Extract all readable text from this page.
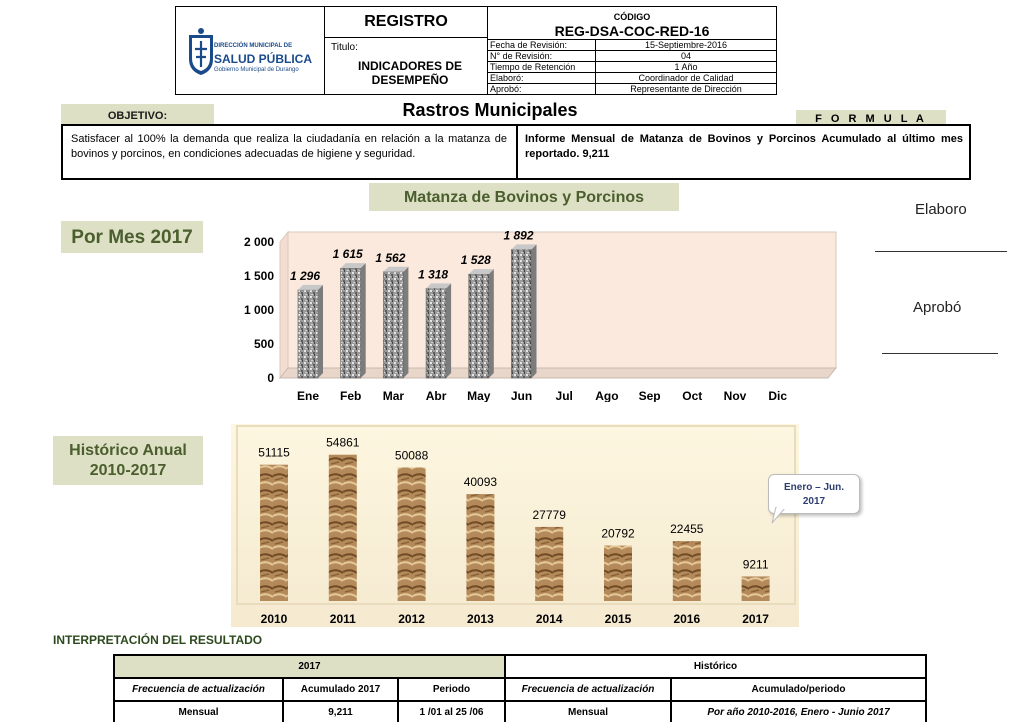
DIRECCIÓN MUNICIPAL DE
SALUD PÚBLICA
Gobierno Municipal de Durango
REGISTRO
Titulo:
INDICADORES DE DESEMPEÑO
CÓDIGO
REG-DSA-COC-RED-16
Fecha de Revisión:	15-Septiembre-2016
N° de Revisión:	04
Tiempo de Retención	1 Año
Elaboró:	Coordinador de Calidad
Aprobó:	Representante de Dirección
OBJETIVO:	Rastros Municipales	F O R M U L A
Satisfacer al 100% la demanda que realiza la ciudadanía en relación a la matanza de bovinos y porcinos, en condiciones adecuadas de higiene y seguridad.
Informe Mensual de Matanza de Bovinos y Porcinos Acumulado al último mes reportado. 9,211
Matanza de Bovinos y Porcinos
Por Mes 2017
0
500
1 000
1 500
2 000
1 296
1 615 1 562
1 318
1 528
1 892
Ene Feb Mar Abr May Jun Jul Ago Sep Oct Nov Dic
Elaboro
Aprobó
Histórico Anual
2010-2017
51115
54861
50088
40093
27779
20792	22455
9211
2010	2011	2012	2013	2014	2015	2016	2017
Enero – Jun.
2017
INTERPRETACIÓN DEL RESULTADO
2017			Histórico	
Frecuencia de actualización	Acumulado 2017	Periodo	Frecuencia de actualización	Acumulado/periodo
Mensual	9,211	1 /01 al 25 /06	Mensual	Por año 2010-2016, Enero - Junio 2017
